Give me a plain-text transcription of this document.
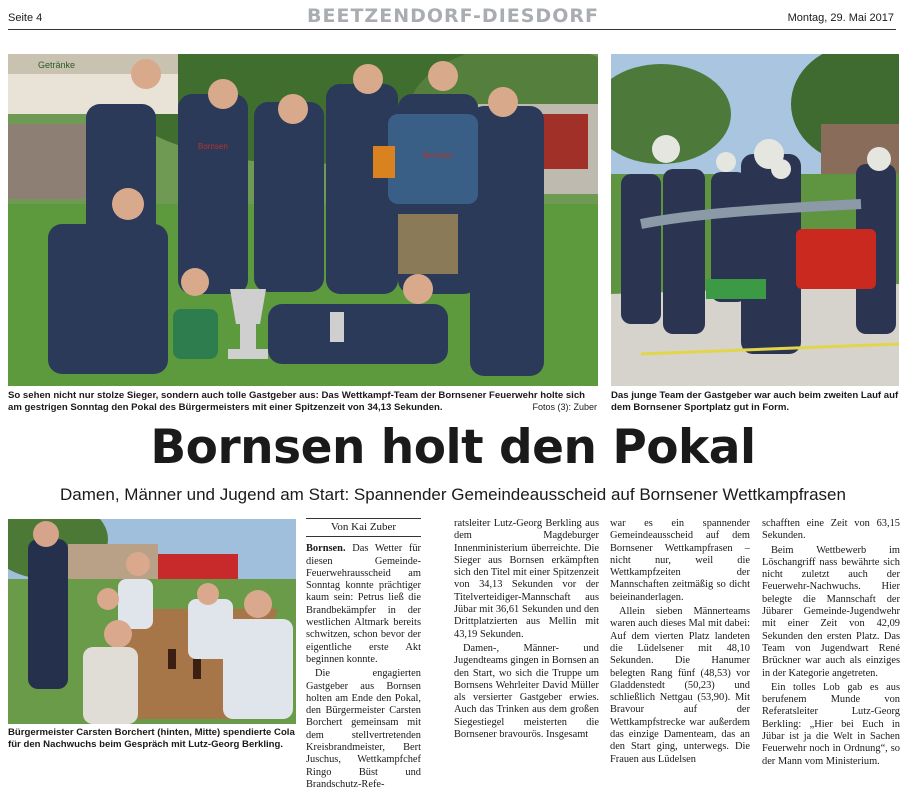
Seite 4	BEETZENDORF-DIESDORF	Montag, 29. Mai 2017
Getränke
Bornsen
Bornsen
So sehen nicht nur stolze Sieger, sondern auch tolle Gastgeber aus: Das Wettkampf-Team der Bornsener Feuerwehr holte sich am gestrigen Sonntag den Pokal des Bürgermeisters mit einer Spitzenzeit von 34,13 Sekunden.	Fotos (3): Zuber
Das junge Team der Gastgeber war auch beim zweiten Lauf auf dem Bornsener Sportplatz gut in Form.
Bornsen holt den Pokal
Damen, Männer und Jugend am Start: Spannender Gemeindeausscheid auf Bornsener Wettkampfrasen
Bürgermeister Carsten Borchert (hinten, Mitte) spendierte Cola für den Nachwuchs beim Gespräch mit Lutz-Georg Berkling.
Von Kai Zuber

Bornsen. Das Wetter für diesen Gemeinde-Feuerwehrausscheid am Sonntag konnte prächtiger kaum sein: Petrus ließ die Brandbekämpfer in der westlichen Altmark bereits schwitzen, schon bevor der eigentliche erste Akt beginnen konnte.

Die engagierten Gastgeber aus Bornsen holten am Ende den Pokal, den Bürgermeister Carsten Borchert gemeinsam mit dem stellvertretenden Kreisbrandmeister, Bert Juschus, Wettkampfchef Ringo Büst und Brandschutz-Refe-

ratsleiter Lutz-Georg Berkling aus dem Magdeburger Innenministerium überreichte. Die Sieger aus Bornsen erkämpften sich den Titel mit einer Spitzenzeit von 34,13 Sekunden vor der Titelverteidiger-Mannschaft aus Jübar mit 36,61 Sekunden und den Drittplatzierten aus Mellin mit 43,19 Sekunden.

Damen-, Männer- und Jugendteams gingen in Bornsen an den Start, wo sich die Truppe um Bornsens Wehrleiter David Müller als versierter Gastgeber erwies. Auch das Trinken aus dem großen Siegestiegel meisterten die Bornsener bravourös. Insgesamt

war es ein spannender Gemeindeausscheid auf dem Bornsener Wettkampfrasen – nicht nur, weil die Wettkampfzeiten der Mannschaften zeitmäßig so dicht beieinanderlagen.

Allein sieben Männerteams waren auch dieses Mal mit dabei: Auf dem vierten Platz landeten die Lüdelsener mit 48,10 Sekunden. Die Hanumer belegten Rang fünf (48,53) vor Gladdenstedt (50,23) und schließlich Nettgau (53,90). Mit Bravour auf der Wettkampfstrecke war außerdem das einzige Damenteam, das an den Start ging, unterwegs. Die Frauen aus Lüdelsen

schafften eine Zeit von 63,15 Sekunden.

Beim Wettbewerb im Löschangriff nass bewährte sich nicht zuletzt auch der Feuerwehr-Nachwuchs. Hier belegte die Mannschaft der Jübarer Gemeinde-Jugendwehr mit einer Zeit von 42,09 Sekunden den ersten Platz. Das Team von Jugendwart René Brückner war auch als einziges in der Kategorie angetreten.

Ein tolles Lob gab es aus berufenem Munde von Referatsleiter Lutz-Georg Berkling: „Hier bei Euch in Jübar ist ja die Welt in Sachen Feuerwehr noch in Ordnung“, so der Mann vom Ministerium.
